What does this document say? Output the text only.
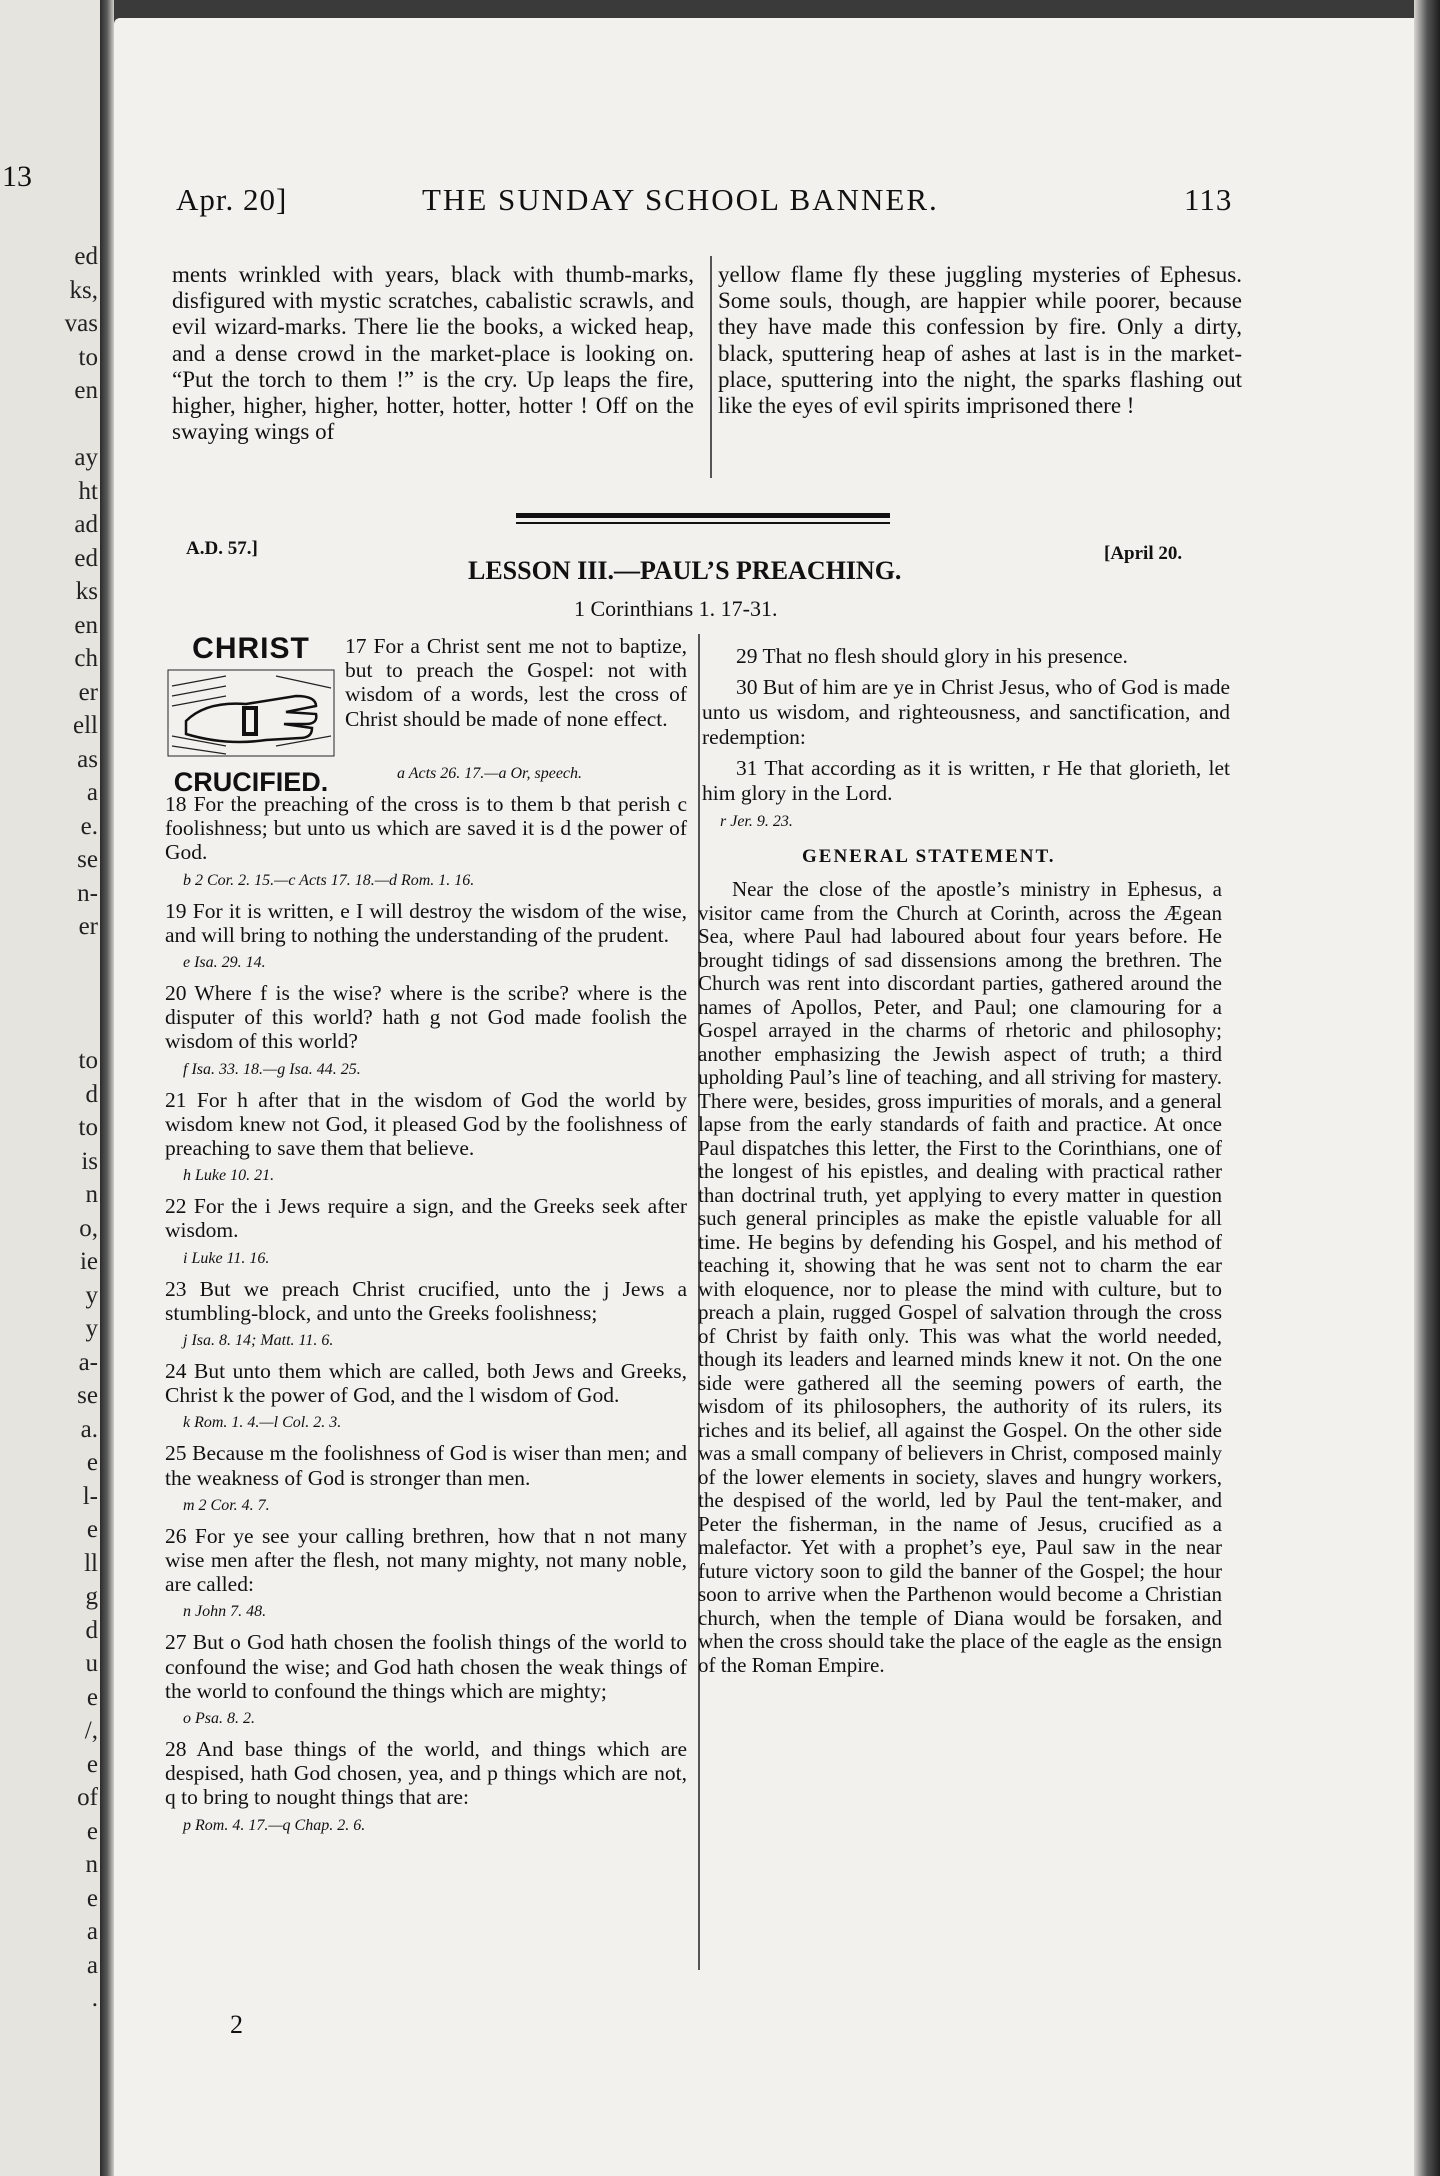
13
ed
ks,
vas
to
en

ay
ht
ad
ed
ks
en
ch
er
ell
as
a
e.
se
n-
er

to
d
to
is
n
o,
ie
y
y
a-
se
a.
e
l-
e
ll
g
d
u
e
/,
e
of
e
n
e
a
a
.
Apr. 20]	THE SUNDAY SCHOOL BANNER.	113
ments wrinkled with years, black with thumb-marks, disfigured with mystic scratches, cabalistic scrawls, and evil wizard-marks. There lie the books, a wicked heap, and a dense crowd in the market-place is looking on. “Put the torch to them !” is the cry. Up leaps the fire, higher, higher, higher, hotter, hotter, hotter ! Off on the swaying wings of
yellow flame fly these juggling mysteries of Ephesus. Some souls, though, are happier while poorer, because they have made this confession by fire. Only a dirty, black, sputtering heap of ashes at last is in the market-place, sputtering into the night, the sparks flashing out like the eyes of evil spirits imprisoned there !
A.D. 57.]	[April 20.
LESSON III.—PAUL’S PREACHING.
1 Corinthians 1. 17-31.
CHRIST
CRUCIFIED.

17 For a Christ sent me not to baptize, but to preach the Gospel: not with wisdom of a words, lest the cross of Christ should be made of none effect.

a Acts 26. 17.—a Or, speech.

18 For the preaching of the cross is to them b that perish c foolishness; but unto us which are saved it is d the power of God.

b 2 Cor. 2. 15.—c Acts 17. 18.—d Rom. 1. 16.

19 For it is written, e I will destroy the wisdom of the wise, and will bring to nothing the understanding of the prudent.

e Isa. 29. 14.

20 Where f is the wise? where is the scribe? where is the disputer of this world? hath g not God made foolish the wisdom of this world?

f Isa. 33. 18.—g Isa. 44. 25.

21 For h after that in the wisdom of God the world by wisdom knew not God, it pleased God by the foolishness of preaching to save them that believe.

h Luke 10. 21.

22 For the i Jews require a sign, and the Greeks seek after wisdom.

i Luke 11. 16.

23 But we preach Christ crucified, unto the j Jews a stumbling-block, and unto the Greeks foolishness;

j Isa. 8. 14; Matt. 11. 6.

24 But unto them which are called, both Jews and Greeks, Christ k the power of God, and the l wisdom of God.

k Rom. 1. 4.—l Col. 2. 3.

25 Because m the foolishness of God is wiser than men; and the weakness of God is stronger than men.

m 2 Cor. 4. 7.

26 For ye see your calling brethren, how that n not many wise men after the flesh, not many mighty, not many noble, are called:

n John 7. 48.

27 But o God hath chosen the foolish things of the world to confound the wise; and God hath chosen the weak things of the world to confound the things which are mighty;

o Psa. 8. 2.

28 And base things of the world, and things which are despised, hath God chosen, yea, and p things which are not, q to bring to nought things that are:

p Rom. 4. 17.—q Chap. 2. 6.
2

29 That no flesh should glory in his presence.

30 But of him are ye in Christ Jesus, who of God is made unto us wisdom, and righteousness, and sanctification, and redemption:

31 That according as it is written, r He that glorieth, let him glory in the Lord.

r Jer. 9. 23.
GENERAL STATEMENT.
Near the close of the apostle’s ministry in Ephesus, a visitor came from the Church at Corinth, across the Ægean Sea, where Paul had laboured about four years before. He brought tidings of sad dissensions among the brethren. The Church was rent into discordant parties, gathered around the names of Apollos, Peter, and Paul; one clamouring for a Gospel arrayed in the charms of rhetoric and philosophy; another emphasizing the Jewish aspect of truth; a third upholding Paul’s line of teaching, and all striving for mastery. There were, besides, gross impurities of morals, and a general lapse from the early standards of faith and practice. At once Paul dispatches this letter, the First to the Corinthians, one of the longest of his epistles, and dealing with practical rather than doctrinal truth, yet applying to every matter in question such general principles as make the epistle valuable for all time. He begins by defending his Gospel, and his method of teaching it, showing that he was sent not to charm the ear with eloquence, nor to please the mind with culture, but to preach a plain, rugged Gospel of salvation through the cross of Christ by faith only. This was what the world needed, though its leaders and learned minds knew it not. On the one side were gathered all the seeming powers of earth, the wisdom of its philosophers, the authority of its rulers, its riches and its belief, all against the Gospel. On the other side was a small company of believers in Christ, composed mainly of the lower elements in society, slaves and hungry workers, the despised of the world, led by Paul the tent-maker, and Peter the fisherman, in the name of Jesus, crucified as a malefactor. Yet with a prophet’s eye, Paul saw in the near future victory soon to gild the banner of the Gospel; the hour soon to arrive when the Parthenon would become a Christian church, when the temple of Diana would be forsaken, and when the cross should take the place of the eagle as the ensign of the Roman Empire.
